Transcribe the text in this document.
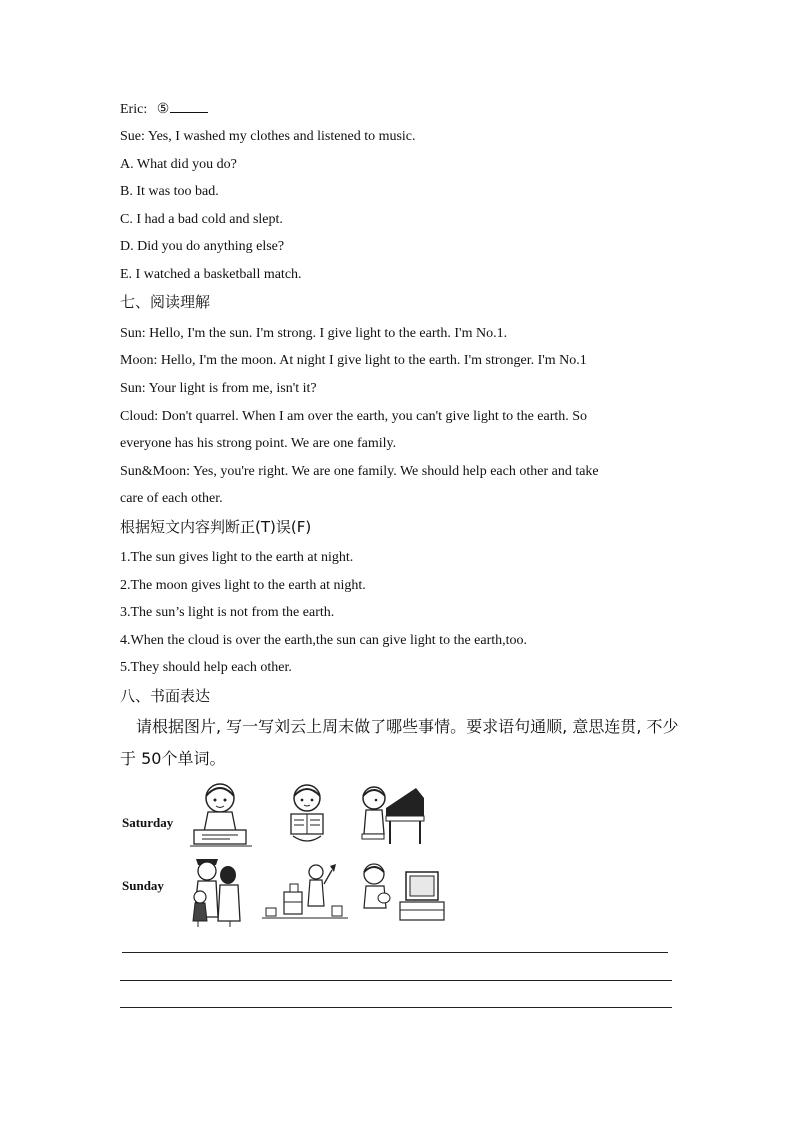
Eric: ⑤
Sue: Yes, I washed my clothes and listened to music.
A. What did you do?
B. It was too bad.
C. I had a bad cold and slept.
D. Did you do anything else?
E. I watched a basketball match.
七、阅读理解
Sun: Hello, I'm the sun. I'm strong. I give light to the earth. I'm No.1.
Moon: Hello, I'm the moon. At night I give light to the earth. I'm stronger. I'm No.1
Sun: Your light is from me, isn't it?
Cloud: Don't quarrel. When I am over the earth, you can't give light to the earth. So
everyone has his strong point. We are one family.
Sun&Moon: Yes, you're right. We are one family. We should help each other and take
care of each other.
根据短文内容判断正(T)误(F)
1.The sun gives light to the earth at night.
2.The moon gives light to the earth at night.
3.The sun’s light is not from the earth.
4.When the cloud is over the earth,the sun can give light to the earth,too.
5.They should help each other.
八、书面表达
请根据图片, 写一写刘云上周末做了哪些事情。要求语句通顺, 意思连贯, 不少
于 50个单词。
Saturday
Sunday
